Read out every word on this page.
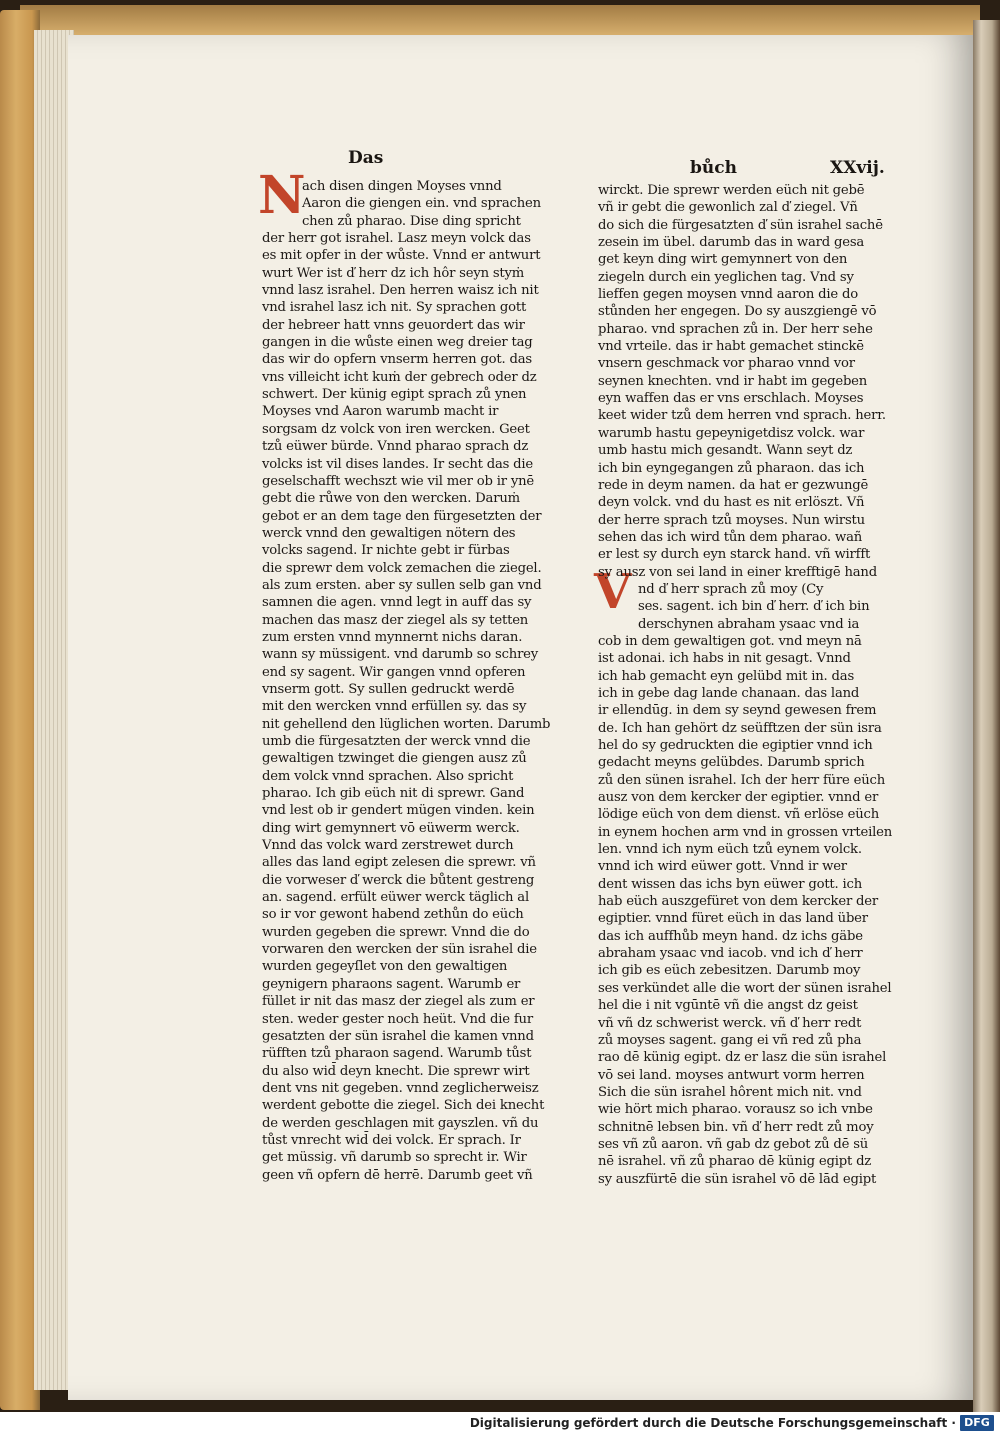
Das	bůch	XXvij.
N
ach disen dingen Moyses vnnd
Aaron die giengen ein. vnd sprachen
chen zů pharao. Dise ding spricht
der herr got israhel. Lasz meyn volck das
es mit opfer in der wůste. Vnnd er antwurt
wurt Wer ist ď herr dz ich hôr seyn styṁ
vnnd lasz israhel. Den herren waisz ich nit
vnd israhel lasz ich nit. Sy sprachen gott
der hebreer hatt vnns geuordert das wir
gangen in die wůste einen weg dreier tag
das wir do opfern vnserm herren got. das
vns villeicht icht kuṁ der gebrech oder dz
schwert. Der künig egipt sprach zů ynen
Moyses vnd Aaron warumb macht ir
sorgsam dz volck von iren wercken. Geet
tzů eüwer bürde. Vnnd pharao sprach dz
volcks ist vil dises landes. Ir secht das die
geselschafft wechszt wie vil mer ob ir ynē
gebt die růwe von den wercken. Daruṁ
gebot er an dem tage den fürgesetzten der
werck vnnd den gewaltigen nötern des
volcks sagend. Ir nichte gebt ir fürbas
die sprewr dem volck zemachen die ziegel.
als zum ersten. aber sy sullen selb gan vnd
samnen die agen. vnnd legt in auff das sy
machen das masz der ziegel als sy tetten
zum ersten vnnd mynnernt nichs daran.
wann sy müssigent. vnd darumb so schrey
end sy sagent. Wir gangen vnnd opferen
vnserm gott. Sy sullen gedruckt werdē
mit den wercken vnnd erfüllen sy. das sy
nit gehellend den lüglichen worten. Darumb
umb die fürgesatzten der werck vnnd die
gewaltigen tzwinget die giengen ausz zů
dem volck vnnd sprachen. Also spricht
pharao. Ich gib eüch nit di sprewr. Gand
vnd lest ob ir gendert mügen vinden. kein
ding wirt gemynnert vō eüwerm werck.
Vnnd das volck ward zerstrewet durch
alles das land egipt zelesen die sprewr. vñ
die vorweser ď werck die bůtent gestreng
an. sagend. erfült eüwer werck täglich al
so ir vor gewont habend zethůn do eüch
wurden gegeben die sprewr. Vnnd die do
vorwaren den wercken der sün israhel die
wurden gegeyſlet von den gewaltigen
geynigern pharaons sagent. Warumb er
füllet ir nit das masz der ziegel als zum er
sten. weder gester noch heüt. Vnd die fur
gesatzten der sün israhel die kamen vnnd
rüfften tzů pharaon sagend. Warumb tůst
du also wid̄ deyn knecht. Die sprewr wirt
dent vns nit gegeben. vnnd zeglicherweisz
werdent gebotte die ziegel. Sich dei knecht
de werden geschlagen mit gayszlen. vñ du
tůst vnrecht wid̄ dei volck. Er sprach. Ir
get müssig. vñ darumb so sprecht ir. Wir
geen vñ opfern dē herrē. Darumb geet vñ
V
wirckt. Die sprewr werden eüch nit gebē
vñ ir gebt die gewonlich zal ď ziegel. Vñ
do sich die fürgesatzten ď sün israhel sachē
zesein im übel. darumb das in ward gesa
get keyn ding wirt gemynnert von den
ziegeln durch ein yeglichen tag. Vnd sy
lieffen gegen moysen vnnd aaron die do
stůnden her engegen. Do sy auszgiengē vō
pharao. vnd sprachen zů in. Der herr sehe
vnd vrteile. das ir habt gemachet stinckē
vnsern geschmack vor pharao vnnd vor
seynen knechten. vnd ir habt im gegeben
eyn waffen das er vns erschlach. Moyses
keet wider tzů dem herren vnd sprach. herr.
warumb hastu gepeynigetdisz volck. war
umb hastu mich gesandt. Wann seyt dz
ich bin eyngegangen zů pharaon. das ich
rede in deym namen. da hat er gezwungē
deyn volck. vnd du hast es nit erlöszt. Vñ
der herre sprach tzů moyses. Nun wirstu
sehen das ich wird tůn dem pharao. wañ
er lest sy durch eyn starck hand. vñ wirfft
sy ausz von sei land in einer krefftigē hand
nd ď herr sprach zů moy (Cy
ses. sagent. ich bin ď herr. ď ich bin
derschynen abraham ysaac vnd ia
cob in dem gewaltigen got. vnd meyn nā
ist adonai. ich habs in nit gesagt. Vnnd
ich hab gemacht eyn gelübd mit in. das
ich in gebe dag lande chanaan. das land
ir ellendūg. in dem sy seynd gewesen frem
de. Ich han gehört dz seüfftzen der sün isra
hel do sy gedruckten die egiptier vnnd ich
gedacht meyns gelübdes. Darumb sprich
zů den sünen israhel. Ich der herr füre eüch
ausz von dem kercker der egiptier. vnnd er
lödige eüch von dem dienst. vñ erlöse eüch
in eynem hochen arm vnd in grossen vrteilen
len. vnnd ich nym eüch tzů eynem volck.
vnnd ich wird eüwer gott. Vnnd ir wer
dent wissen das ichs byn eüwer gott. ich
hab eüch auszgefüret von dem kercker der
egiptier. vnnd füret eüch in das land über
das ich auffhůb meyn hand. dz ichs gäbe
abraham ysaac vnd iacob. vnd ich ď herr
ich gib es eüch zebesitzen. Darumb moy
ses verkündet alle die wort der sünen israhel
hel die i nit vgūntē vñ die angst dz geist
vñ vñ dz schwerist werck. vñ ď herr redt
zů moyses sagent. gang ei vñ red zů pha
rao dē künig egipt. dz er lasz die sün israhel
vō sei land. moyses antwurt vorm herren
Sich die sün israhel hôrent mich nit. vnd
wie hört mich pharao. vorausz so ich vnbe
schnitnē lebsen bin. vñ ď herr redt zů moy
ses vñ zů aaron. vñ gab dz gebot zů dē sü
nē israhel. vñ zů pharao dē künig egipt dz
sy auszfürtē die sün israhel vō dē lād egipt
Digitalisierung gefördert durch die Deutsche Forschungsgemeinschaft · DFG
